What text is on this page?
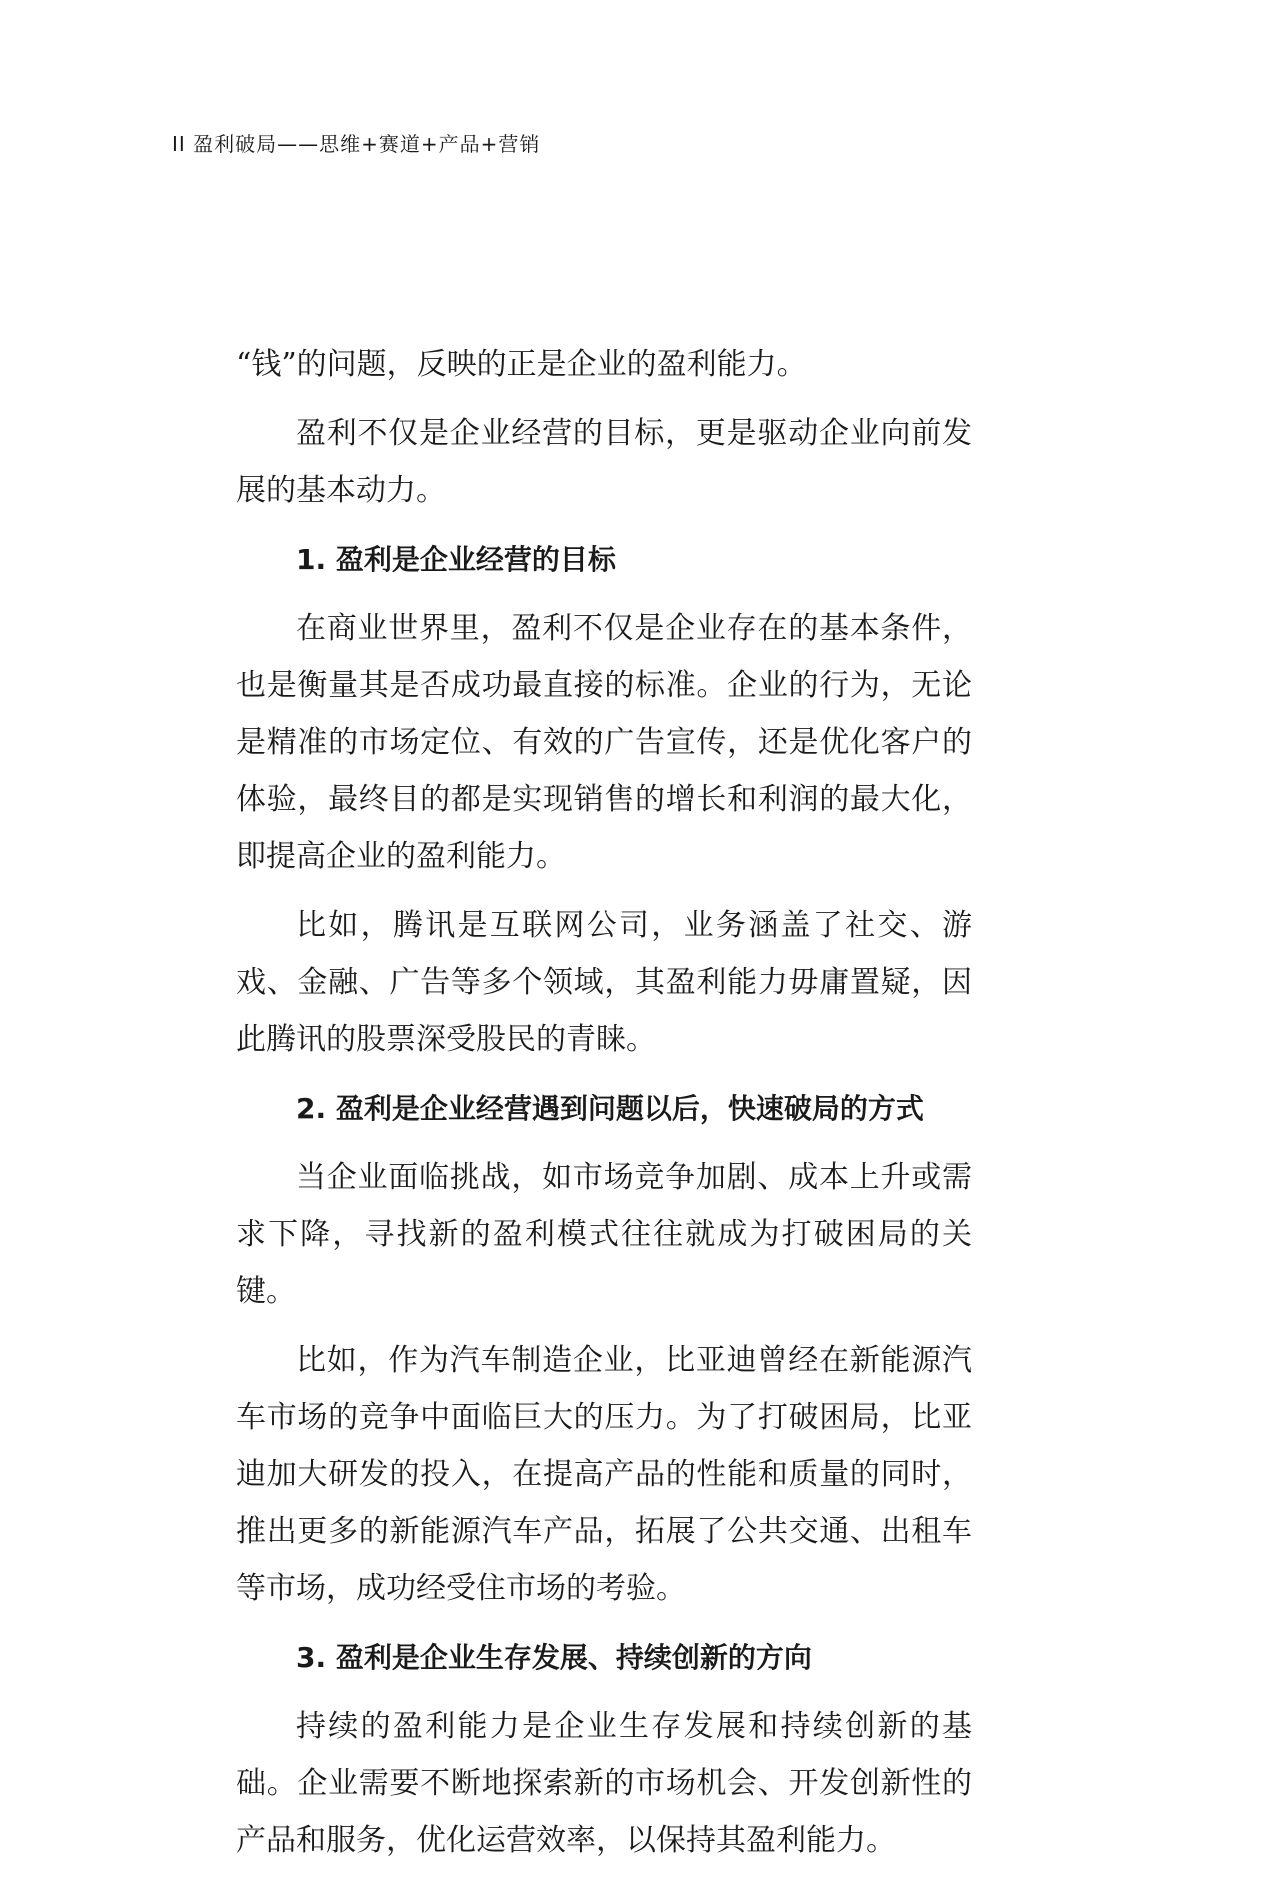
II 盈利破局——思维+赛道+产品+营销

“钱”的问题，反映的正是企业的盈利能力。

盈利不仅是企业经营的目标，更是驱动企业向前发展的基本动力。

1. 盈利是企业经营的目标

在商业世界里，盈利不仅是企业存在的基本条件，也是衡量其是否成功最直接的标准。企业的行为，无论是精准的市场定位、有效的广告宣传，还是优化客户的体验，最终目的都是实现销售的增长和利润的最大化，即提高企业的盈利能力。

比如，腾讯是互联网公司，业务涵盖了社交、游戏、金融、广告等多个领域，其盈利能力毋庸置疑，因此腾讯的股票深受股民的青睐。

2. 盈利是企业经营遇到问题以后，快速破局的方式

当企业面临挑战，如市场竞争加剧、成本上升或需求下降，寻找新的盈利模式往往就成为打破困局的关键。

比如，作为汽车制造企业，比亚迪曾经在新能源汽车市场的竞争中面临巨大的压力。为了打破困局，比亚迪加大研发的投入，在提高产品的性能和质量的同时，推出更多的新能源汽车产品，拓展了公共交通、出租车等市场，成功经受住市场的考验。

3. 盈利是企业生存发展、持续创新的方向

持续的盈利能力是企业生存发展和持续创新的基础。企业需要不断地探索新的市场机会、开发创新性的产品和服务，优化运营效率，以保持其盈利能力。
